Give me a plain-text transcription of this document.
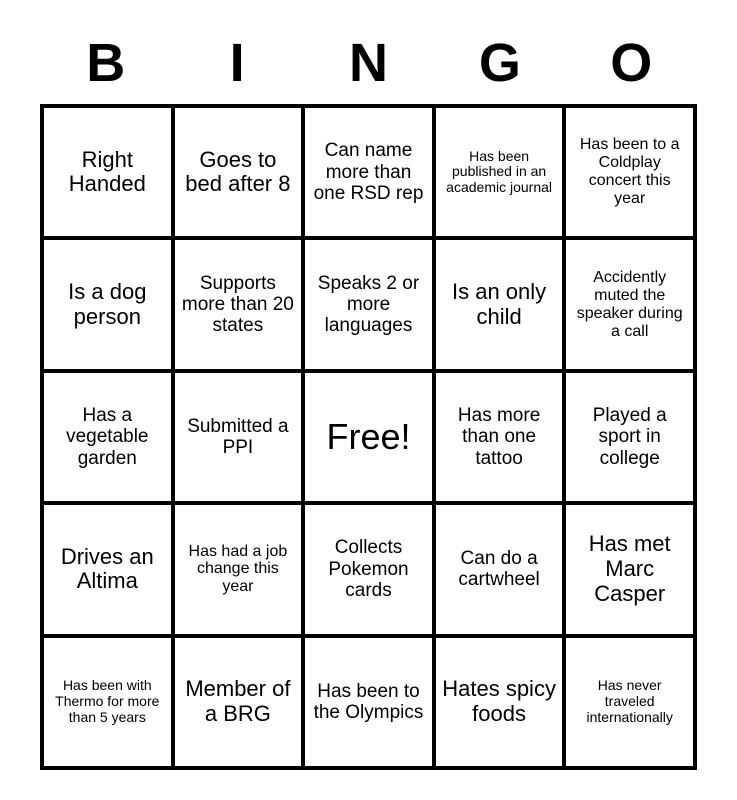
B I N G O
Right Handed
Goes to bed after 8
Can name more than one RSD rep
Has been published in an academic journal
Has been to a Coldplay concert this year
Is a dog person
Supports more than 20 states
Speaks 2 or more languages
Is an only child
Accidently muted the speaker during a call
Has a vegetable garden
Submitted a PPI	Free!
Has more than one tattoo
Played a sport in college
Drives an Altima
Has had a job change this year
Collects Pokemon cards
Can do a cartwheel
Has met Marc Casper
Has been with Thermo for more than 5 years
Member of a BRG
Has been to the Olympics
Hates spicy foods
Has never traveled internationally
